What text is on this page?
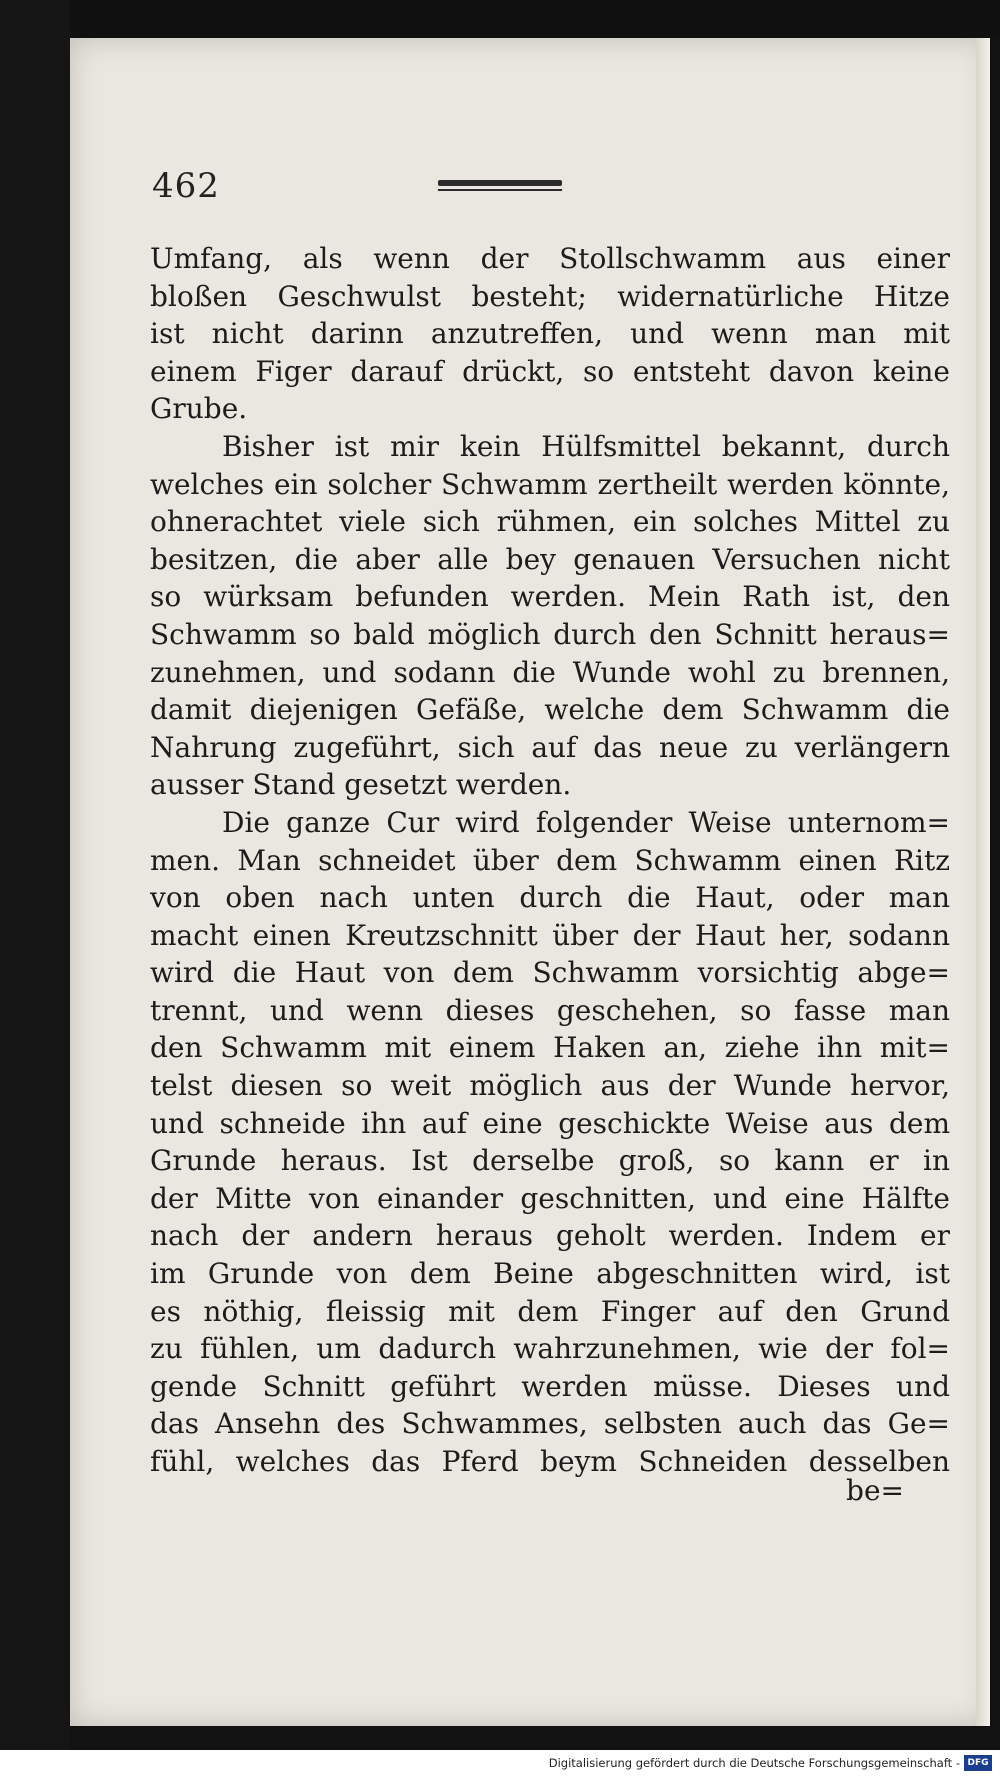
462
Umfang, als wenn der Stollschwamm aus einer
bloßen Geschwulst besteht; widernatürliche Hitze
ist nicht darinn anzutreffen, und wenn man mit
einem Figer darauf drückt, so entsteht davon keine
Grube.
Bisher ist mir kein Hülfsmittel bekannt, durch
welches ein solcher Schwamm zertheilt werden könnte,
ohnerachtet viele sich rühmen, ein solches Mittel zu
besitzen, die aber alle bey genauen Versuchen nicht
so würksam befunden werden. Mein Rath ist, den
Schwamm so bald möglich durch den Schnitt heraus=
zunehmen, und sodann die Wunde wohl zu brennen,
damit diejenigen Gefäße, welche dem Schwamm die
Nahrung zugeführt, sich auf das neue zu verlängern
ausser Stand gesetzt werden.
Die ganze Cur wird folgender Weise unternom=
men. Man schneidet über dem Schwamm einen Ritz
von oben nach unten durch die Haut, oder man
macht einen Kreutzschnitt über der Haut her, sodann
wird die Haut von dem Schwamm vorsichtig abge=
trennt, und wenn dieses geschehen, so fasse man
den Schwamm mit einem Haken an, ziehe ihn mit=
telst diesen so weit möglich aus der Wunde hervor,
und schneide ihn auf eine geschickte Weise aus dem
Grunde heraus. Ist derselbe groß, so kann er in
der Mitte von einander geschnitten, und eine Hälfte
nach der andern heraus geholt werden. Indem er
im Grunde von dem Beine abgeschnitten wird, ist
es nöthig, fleissig mit dem Finger auf den Grund
zu fühlen, um dadurch wahrzunehmen, wie der fol=
gende Schnitt geführt werden müsse. Dieses und
das Ansehn des Schwammes, selbsten auch das Ge=
fühl, welches das Pferd beym Schneiden desselben
be=
Digitalisierung gefördert durch die Deutsche Forschungsgemeinschaft - DFG
